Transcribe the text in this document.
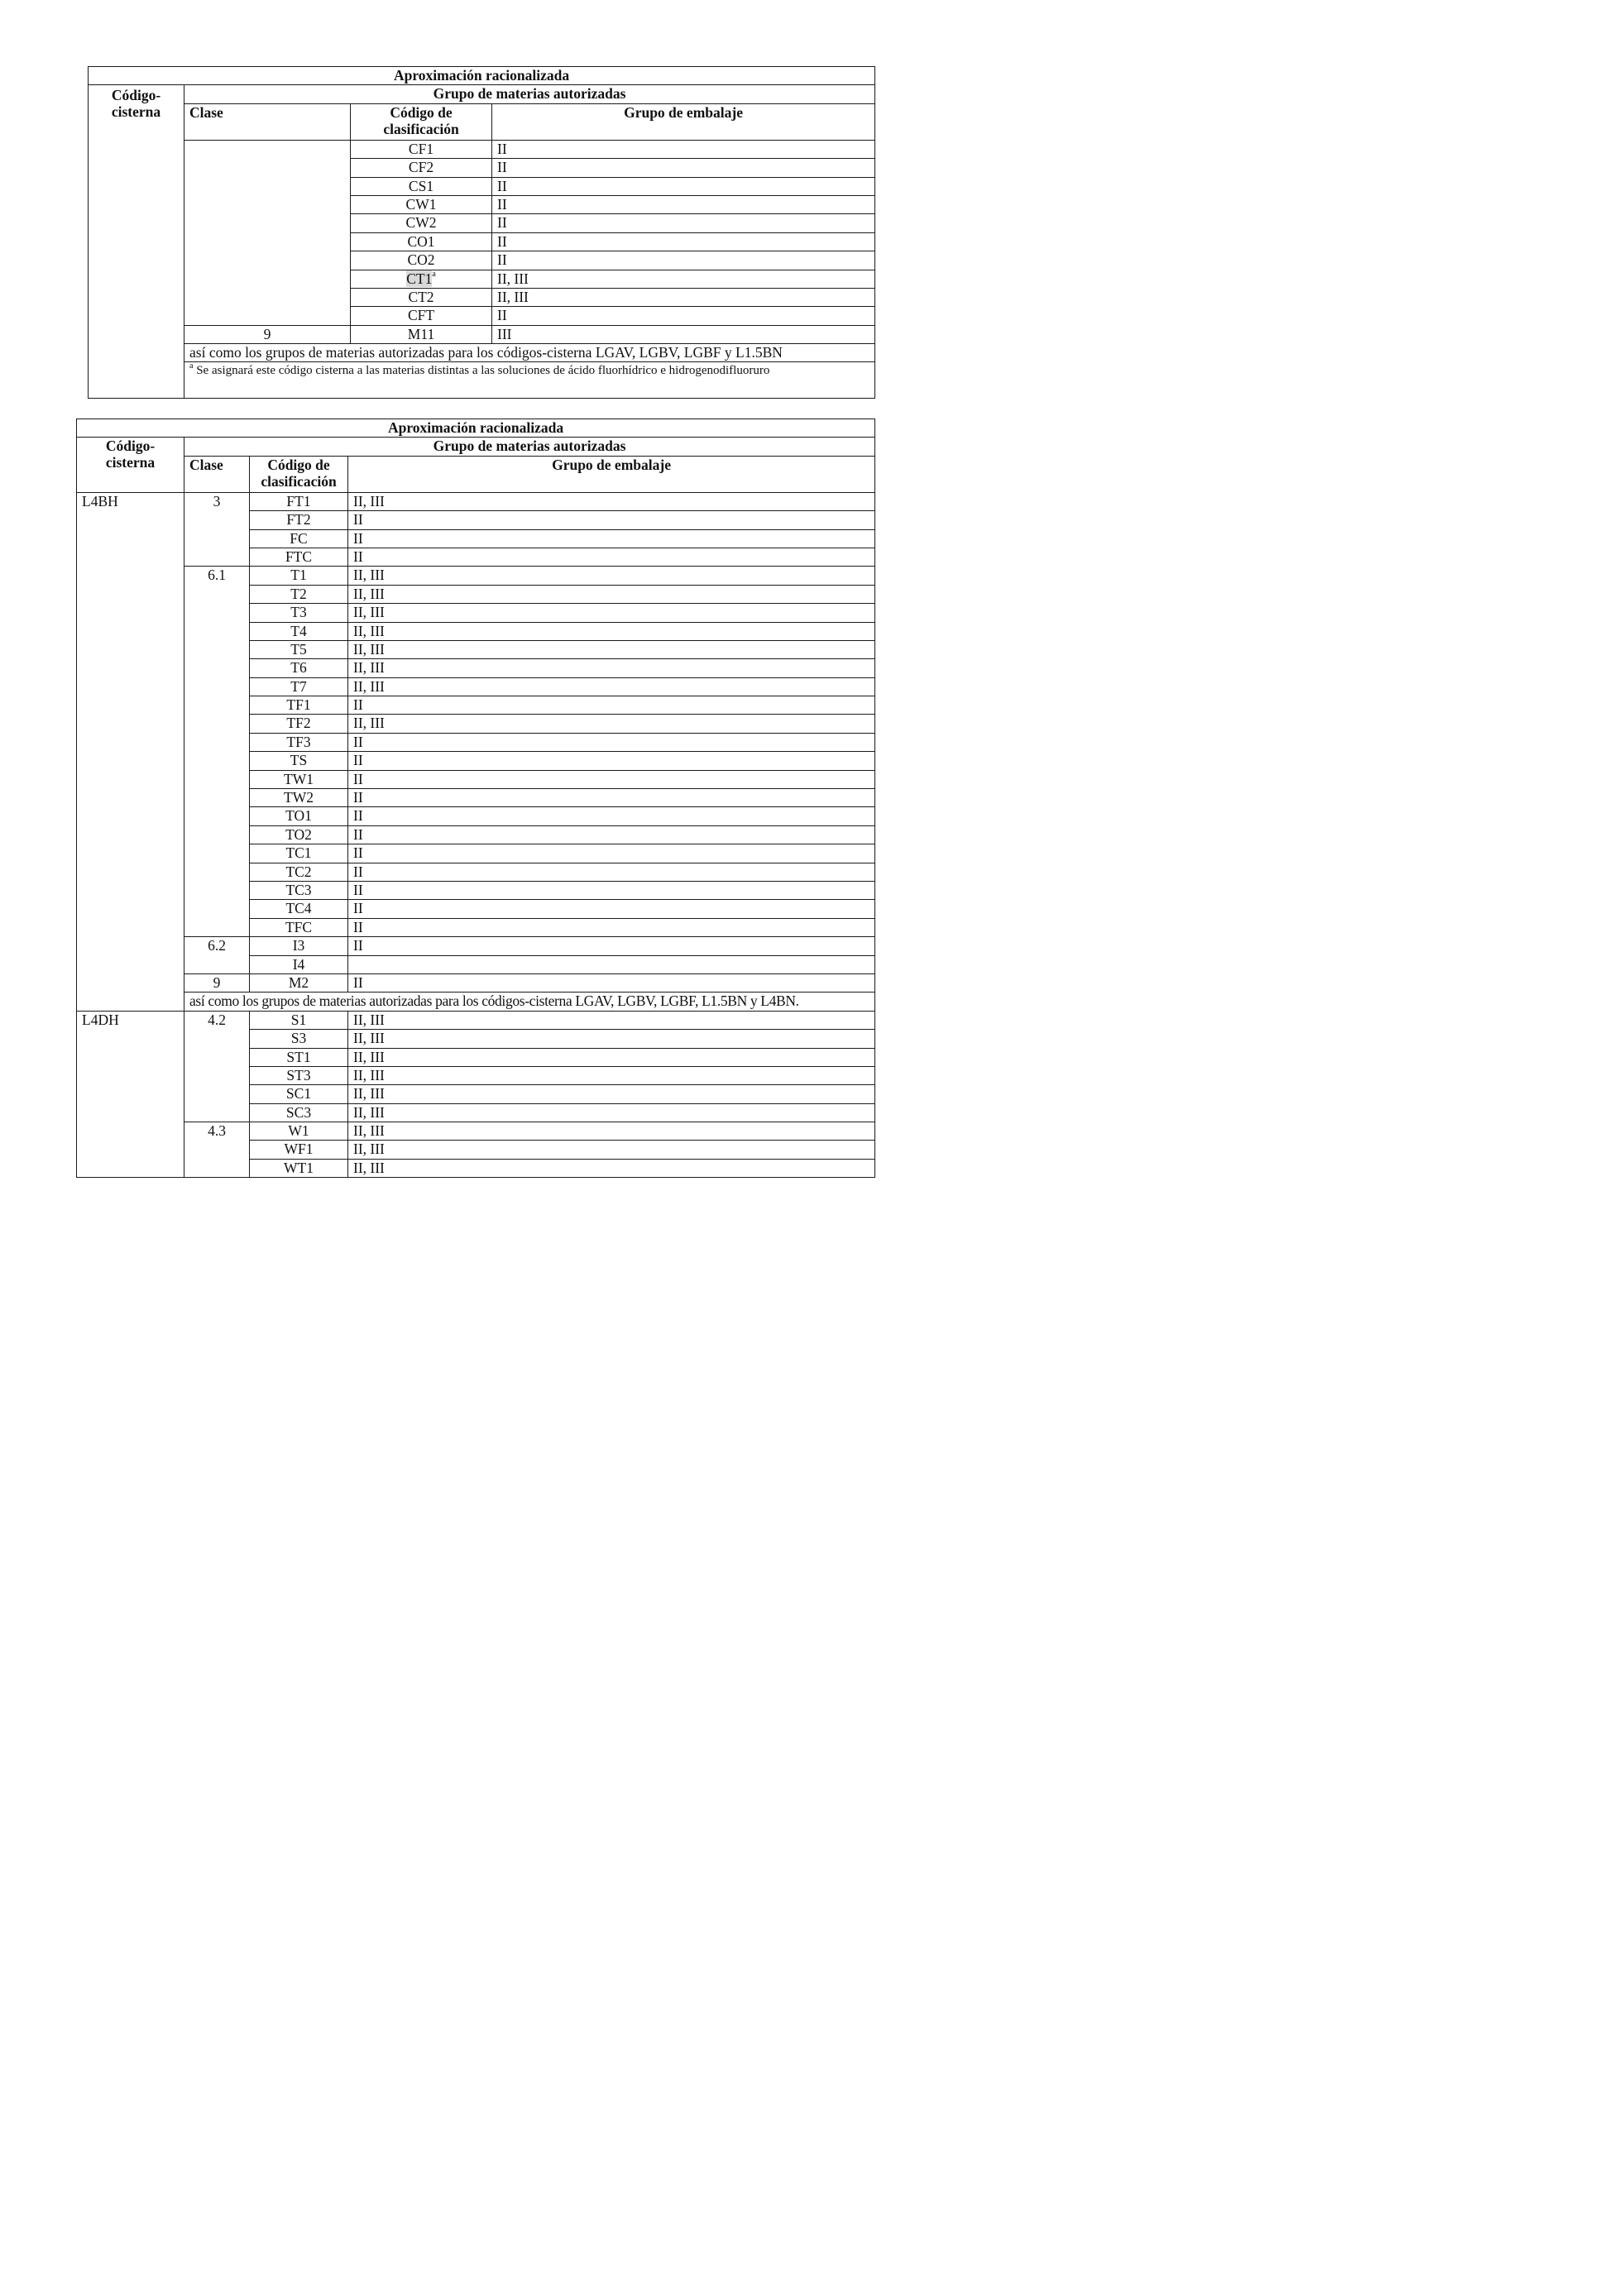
Aproximación racionalizada			
Código-
cisterna	Grupo de materias autorizadas		
	Clase	Código de clasificación	Grupo de embalaje
		CF1	II
		CF2	II
		CS1	II
		CW1	II
		CW2	II
		CO1	II
		CO2	II
		CT1$^a$	II, III
		CT2	II, III
		CFT	II
	9	M11	III
	así como los grupos de materias autorizadas para los códigos-cisterna LGAV, LGBV, LGBF y L1.5BN		
	$^a$ Se asignará este código cisterna a las materias distintas a las soluciones de ácido fluorhídrico e hidrogenodifluoruro		
Aproximación racionalizada			
Código-
cisterna	Grupo de materias autorizadas		
	Clase	Código de clasificación	Grupo de embalaje
L4BH	3	FT1	II, III
		FT2	II
		FC	II
		FTC	II
	6.1	T1	II, III
		T2	II, III
		T3	II, III
		T4	II, III
		T5	II, III
		T6	II, III
		T7	II, III
		TF1	II
		TF2	II, III
		TF3	II
		TS	II
		TW1	II
		TW2	II
		TO1	II
		TO2	II
		TC1	II
		TC2	II
		TC3	II
		TC4	II
		TFC	II
	6.2	I3	II
		I4	
	9	M2	II
	así como los grupos de materias autorizadas para los códigos-cisterna LGAV, LGBV, LGBF, L1.5BN y L4BN.		
L4DH	4.2	S1	II, III
		S3	II, III
		ST1	II, III
		ST3	II, III
		SC1	II, III
		SC3	II, III
	4.3	W1	II, III
		WF1	II, III
		WT1	II, III
